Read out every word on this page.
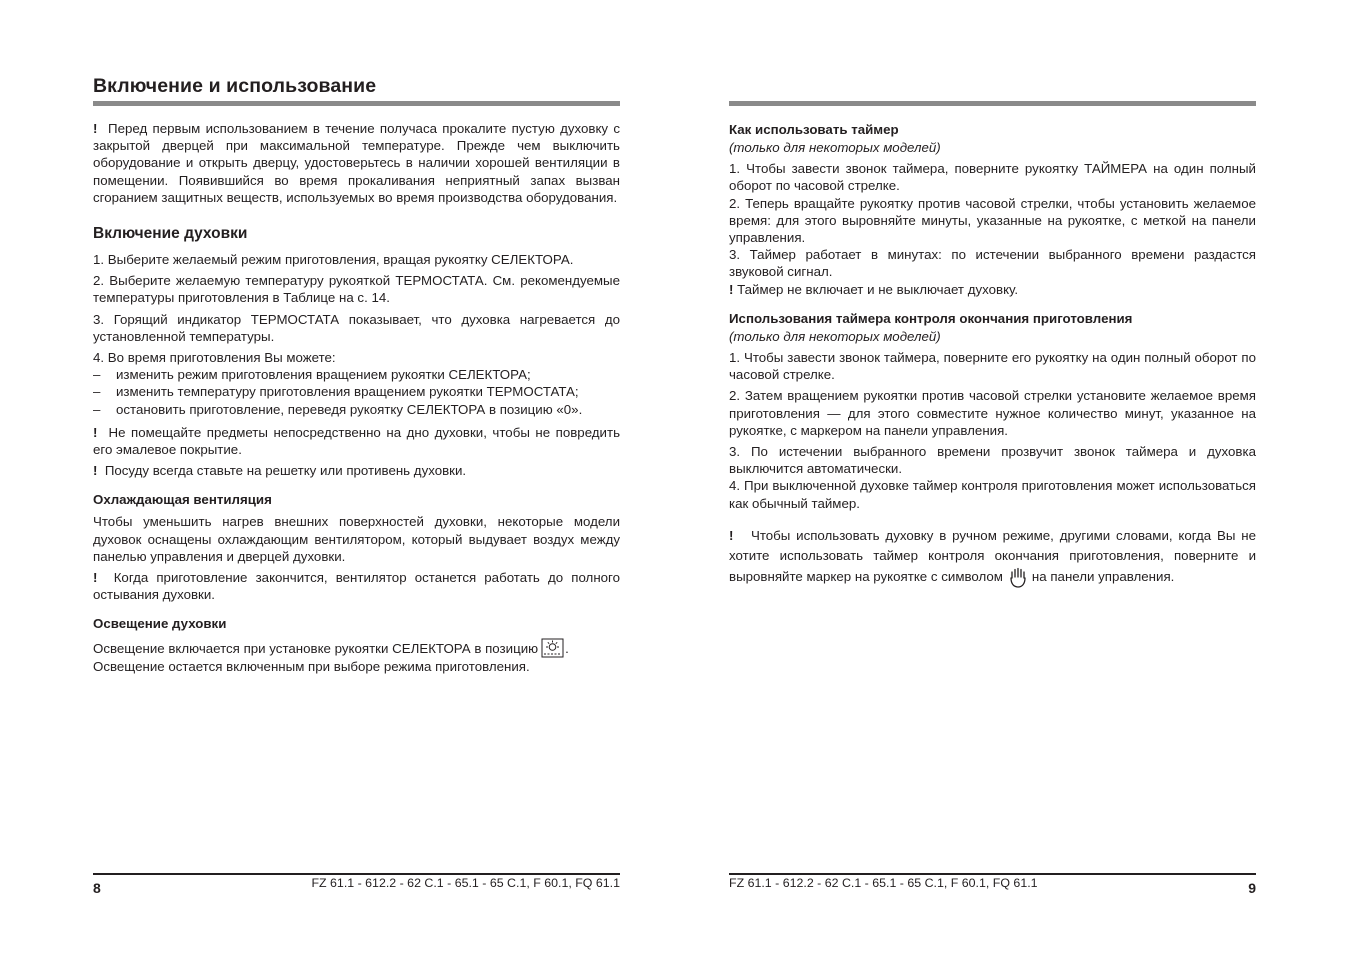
Включение и использование

! Перед первым использованием в течение получаса прокалите пустую духовку с закрытой дверцей при максимальной температуре. Прежде чем выключить оборудование и открыть дверцу, удостоверьтесь в наличии хорошей вентиляции в помещении. Появившийся во время прокаливания неприятный запах вызван сгоранием защитных веществ, используемых во время производства оборудования.

Включение духовки

1. Выберите желаемый режим приготовления, вращая рукоятку СЕЛЕКТОРА.

2. Выберите желаемую температуру рукояткой ТЕРМОСТАТА. См. рекомендуемые температуры приготовления в Таблице на с. 14.

3. Горящий индикатор ТЕРМОСТАТА показывает, что духовка нагревается до установленной температуры.

4. Во время приготовления Вы можете:

– изменить режим приготовления вращением рукоятки СЕЛЕКТОРА;

– изменить температуру приготовления вращением рукоятки ТЕРМОСТАТА;

– остановить приготовление, переведя рукоятку СЕЛЕКТОРА в позицию «0».

! Не помещайте предметы непосредственно на дно духовки, чтобы не повредить его эмалевое покрытие.

! Посуду всегда ставьте на решетку или противень духовки.

Охлаждающая вентиляция

Чтобы уменьшить нагрев внешних поверхностей духовки, некоторые модели духовок оснащены охлаждающим вентилятором, который выдувает воздух между панелью управления и дверцей духовки.

! Когда приготовление закончится, вентилятор останется работать до полного остывания духовки.

Освещение духовки

Освещение включается при установке рукоятки СЕЛЕКТОРА в позицию .
Освещение остается включенным при выборе режима приготовления.

8	FZ 61.1 - 612.2 - 62 C.1 - 65.1 - 65 C.1, F 60.1, FQ 61.1
Как использовать таймер

(только для некоторых моделей)

1. Чтобы завести звонок таймера, поверните рукоятку ТАЙМЕРА на один полный оборот по часовой стрелке.

2. Теперь вращайте рукоятку против часовой стрелки, чтобы установить желаемое время: для этого выровняйте минуты, указанные на рукоятке, с меткой на панели управления.

3. Таймер работает в минутах: по истечении выбранного времени раздастся звуковой сигнал.

! Таймер не включает и не выключает духовку.

Использования таймера контроля окончания приготовления

(только для некоторых моделей)

1. Чтобы завести звонок таймера, поверните его рукоятку на один полный оборот по часовой стрелке.

2. Затем вращением рукоятки против часовой стрелки установите желаемое время приготовления — для этого совместите нужное количество минут, указанное на рукоятке, с маркером на панели управления.

3. По истечении выбранного времени прозвучит звонок таймера и духовка выключится автоматически.

4. При выключенной духовке таймер контроля приготовления может использоваться как обычный таймер.

! Чтобы использовать духовку в ручном режиме, другими словами, когда Вы не хотите использовать таймер контроля окончания приготовления, поверните и выровняйте маркер на рукоятке с символом на панели управления.

FZ 61.1 - 612.2 - 62 C.1 - 65.1 - 65 C.1, F 60.1, FQ 61.1	9
